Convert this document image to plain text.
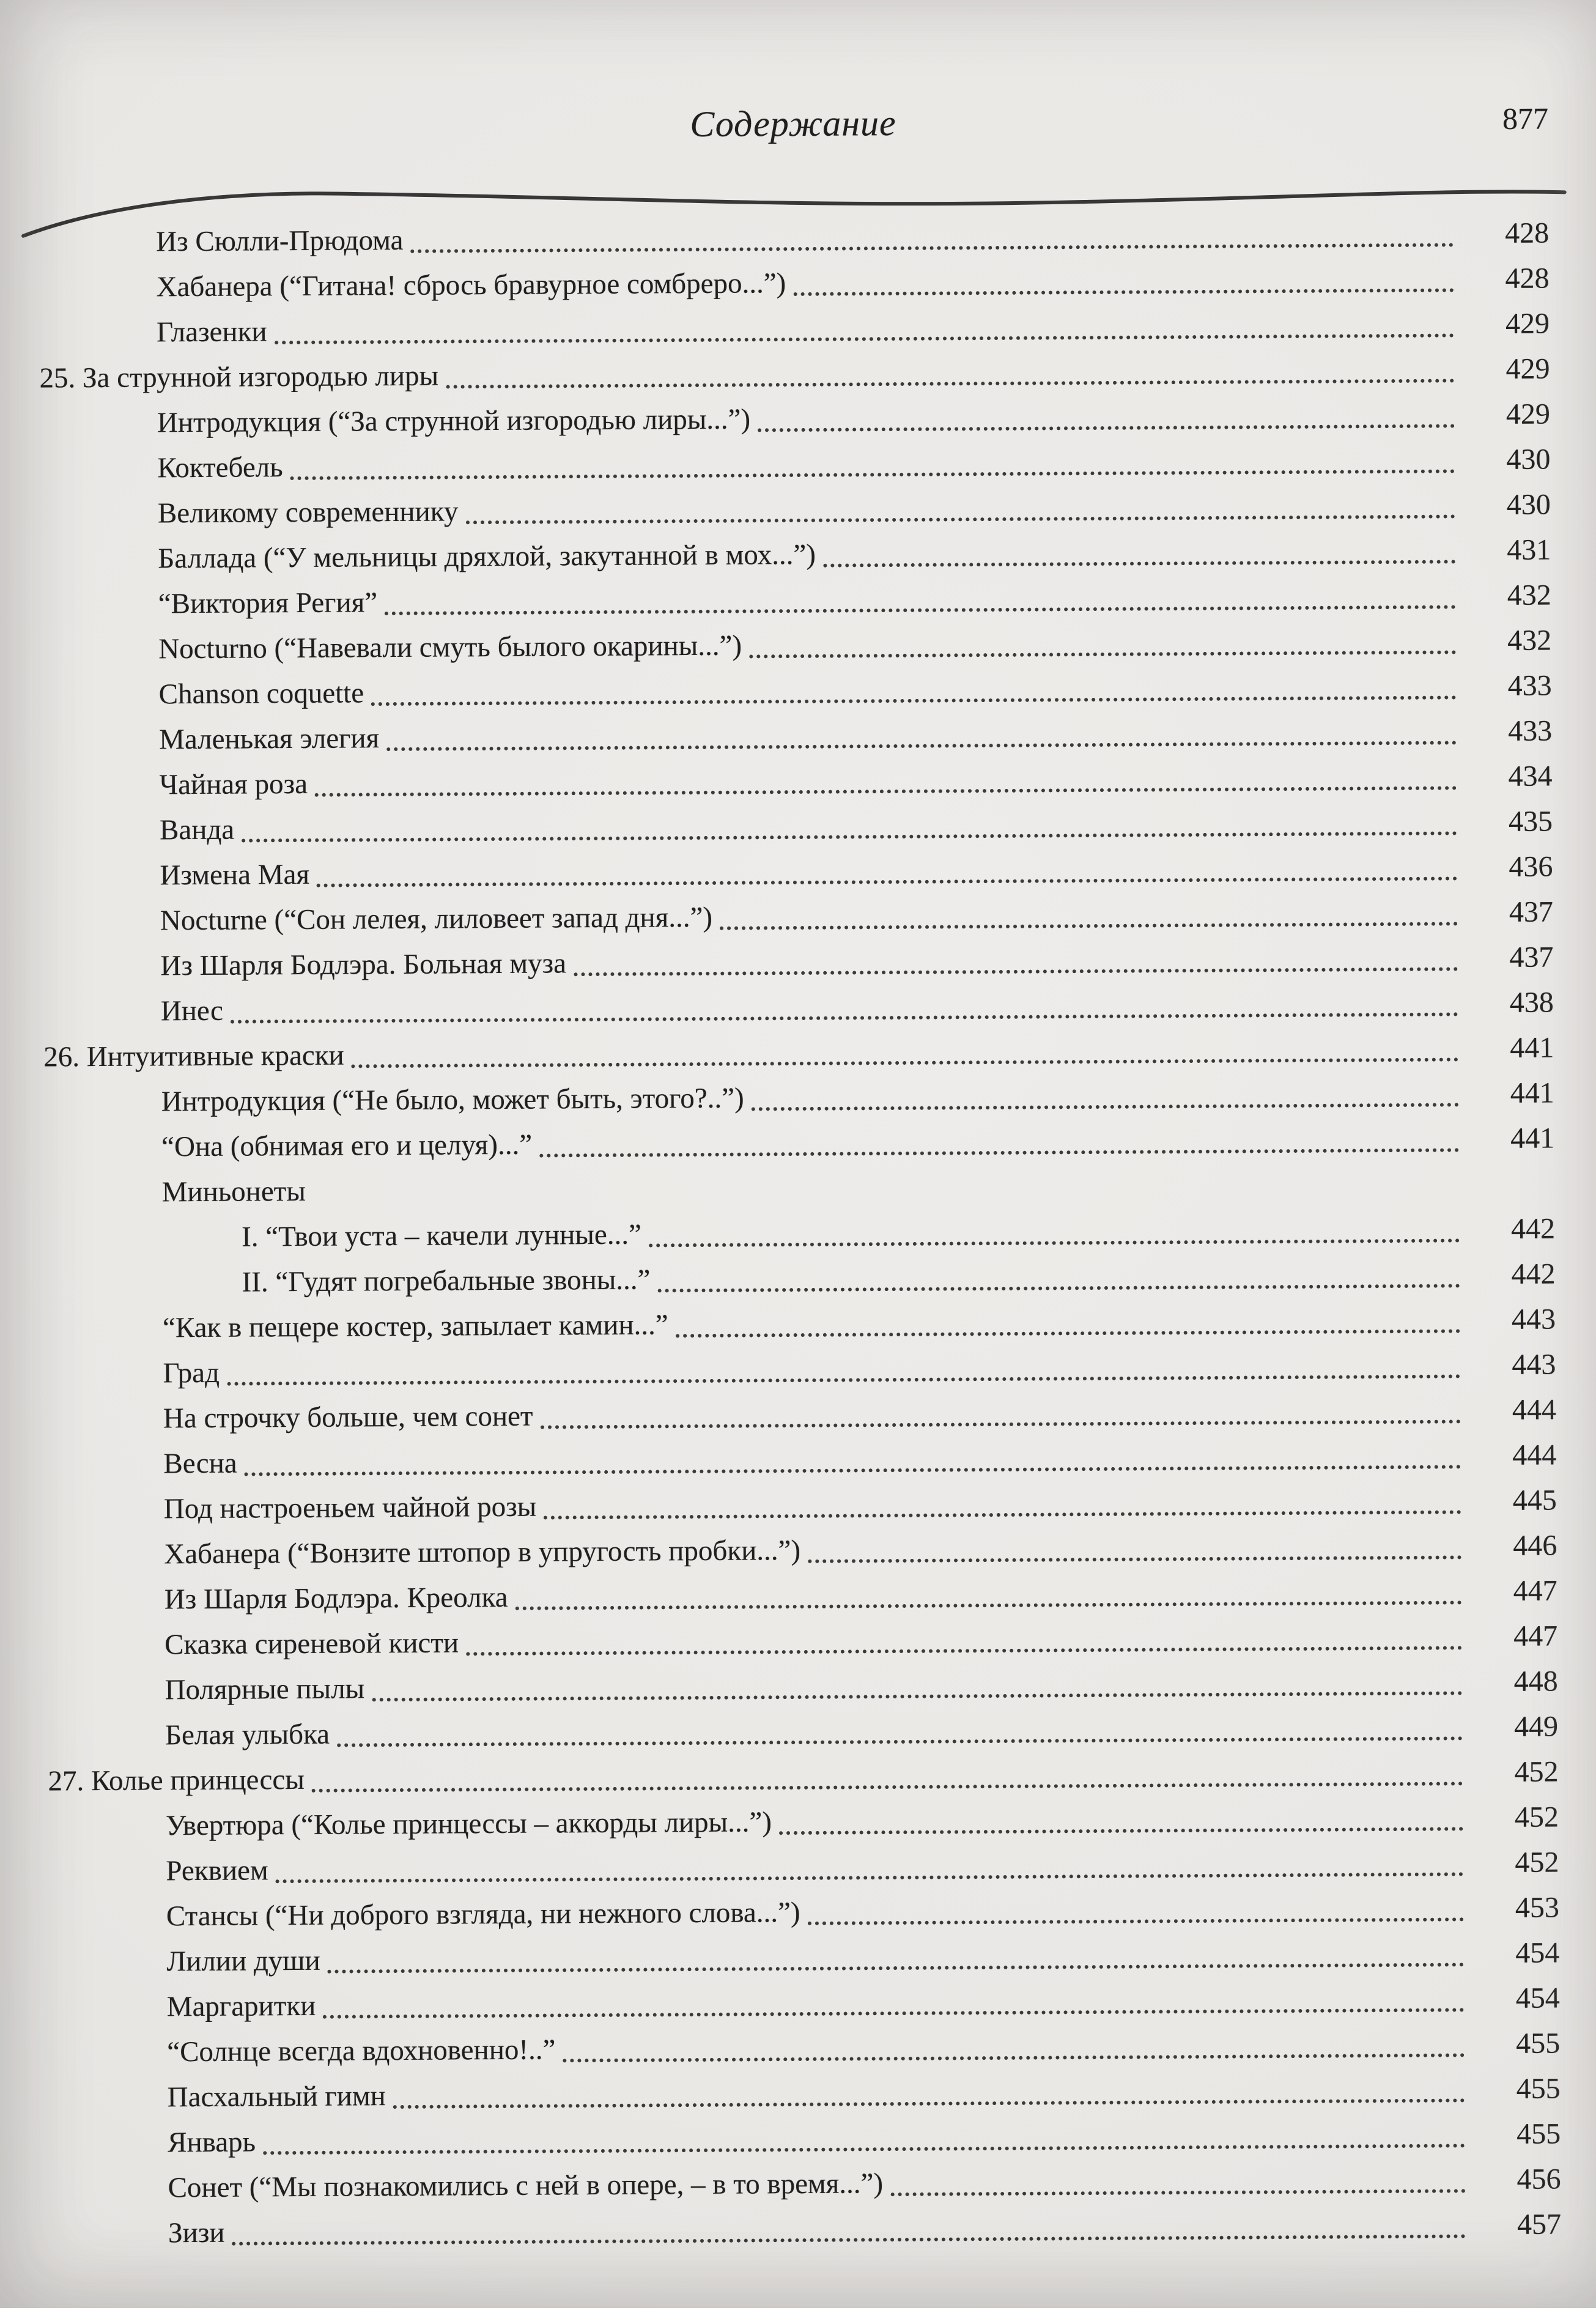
Содержание	877
Из Сюлли-Прюдома	428
Хабанера (“Гитана! сбрось бравурное сомбреро...”)	428
Глазенки	429
25. За струнной изгородью лиры	429
Интродукция (“За струнной изгородью лиры...”)	429
Коктебель	430
Великому современнику	430
Баллада (“У мельницы дряхлой, закутанной в мох...”)	431
“Виктория Регия”	432
Nocturno (“Навевали смуть былого окарины...”)	432
Chanson coquette	433
Маленькая элегия	433
Чайная роза	434
Ванда	435
Измена Мая	436
Nocturne (“Сон лелея, лиловеет запад дня...”)	437
Из Шарля Бодлэра. Больная муза	437
Инес	438
26. Интуитивные краски	441
Интродукция (“Не было, может быть, этого?..”)	441
“Она (обнимая его и целуя)...”	441
Миньонеты
I. “Твои уста – качели лунные...”	442
II. “Гудят погребальные звоны...”	442
“Как в пещере костер, запылает камин...”	443
Град	443
На строчку больше, чем сонет	444
Весна	444
Под настроеньем чайной розы	445
Хабанера (“Вонзите штопор в упругость пробки...”)	446
Из Шарля Бодлэра. Креолка	447
Сказка сиреневой кисти	447
Полярные пылы	448
Белая улыбка	449
27. Колье принцессы	452
Увертюра (“Колье принцессы – аккорды лиры...”)	452
Реквием	452
Стансы (“Ни доброго взгляда, ни нежного слова...”)	453
Лилии души	454
Маргаритки	454
“Солнце всегда вдохновенно!..”	455
Пасхальный гимн	455
Январь	455
Сонет (“Мы познакомились с ней в опере, – в то время...”)	456
Зизи	457
